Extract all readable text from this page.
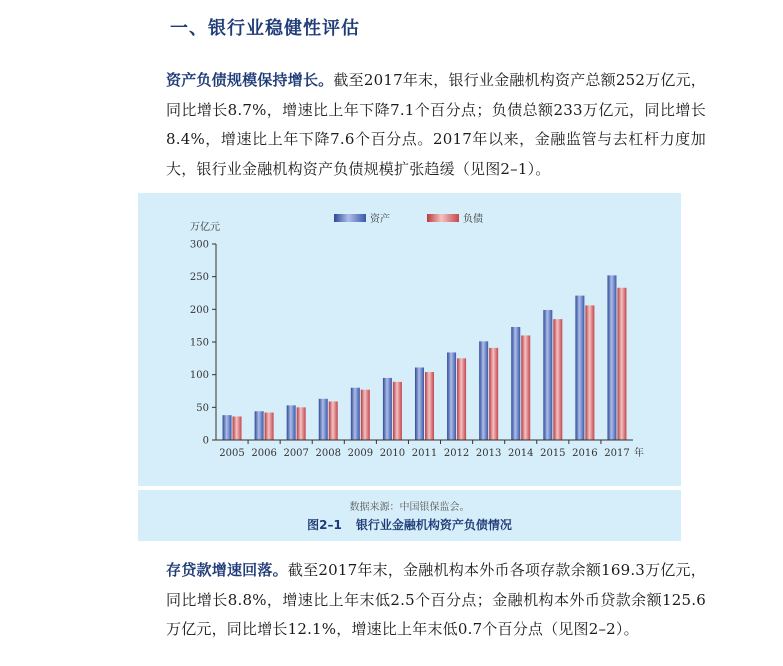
一、银行业稳健性评估
资产负债规模保持增长。截至2017年末，银行业金融机构资产总额252万亿元，同比增长8.7%，增速比上年下降7.1个百分点；负债总额233万亿元，同比增长8.4%，增速比上年下降7.6个百分点。2017年以来，金融监管与去杠杆力度加大，银行业金融机构资产负债规模扩张趋缓（见图2–1）。
资产	负债
万亿元
0
50
100
150
200
250
300
2005 2006 2007 2008 2009 2010 2011 2012 2013 2014 2015 2016 2017 年
数据来源：中国银保监会。
图2–1 银行业金融机构资产负债情况
存贷款增速回落。截至2017年末，金融机构本外币各项存款余额169.3万亿元，同比增长8.8%，增速比上年末低2.5个百分点；金融机构本外币贷款余额125.6万亿元，同比增长12.1%，增速比上年末低0.7个百分点（见图2–2）。
